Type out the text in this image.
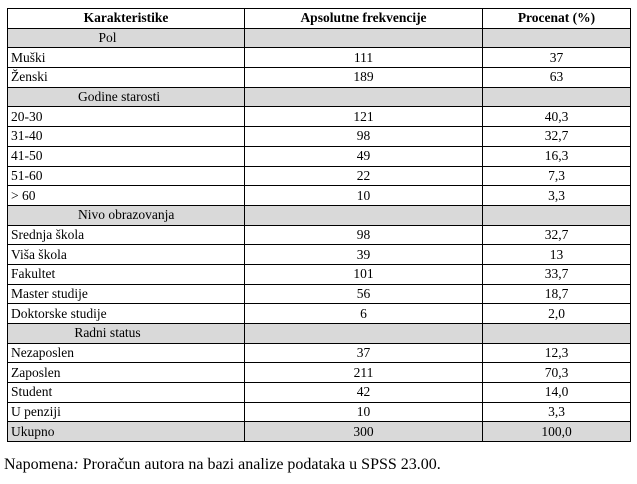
Karakteristike	Apsolutne frekvencije	Procenat (%)
Pol		
Muški	111	37
Ženski	189	63
Godine starosti		
20-30	121	40,3
31-40	98	32,7
41-50	49	16,3
51-60	22	7,3
> 60	10	3,3
Nivo obrazovanja		
Srednja škola	98	32,7
Viša škola	39	13
Fakultet	101	33,7
Master studije	56	18,7
Doktorske studije	6	2,0
Radni status		
Nezaposlen	37	12,3
Zaposlen	211	70,3
Student	42	14,0
U penziji	10	3,3
Ukupno	300	100,0
Napomena: Proračun autora na bazi analize podataka u SPSS 23.00.
